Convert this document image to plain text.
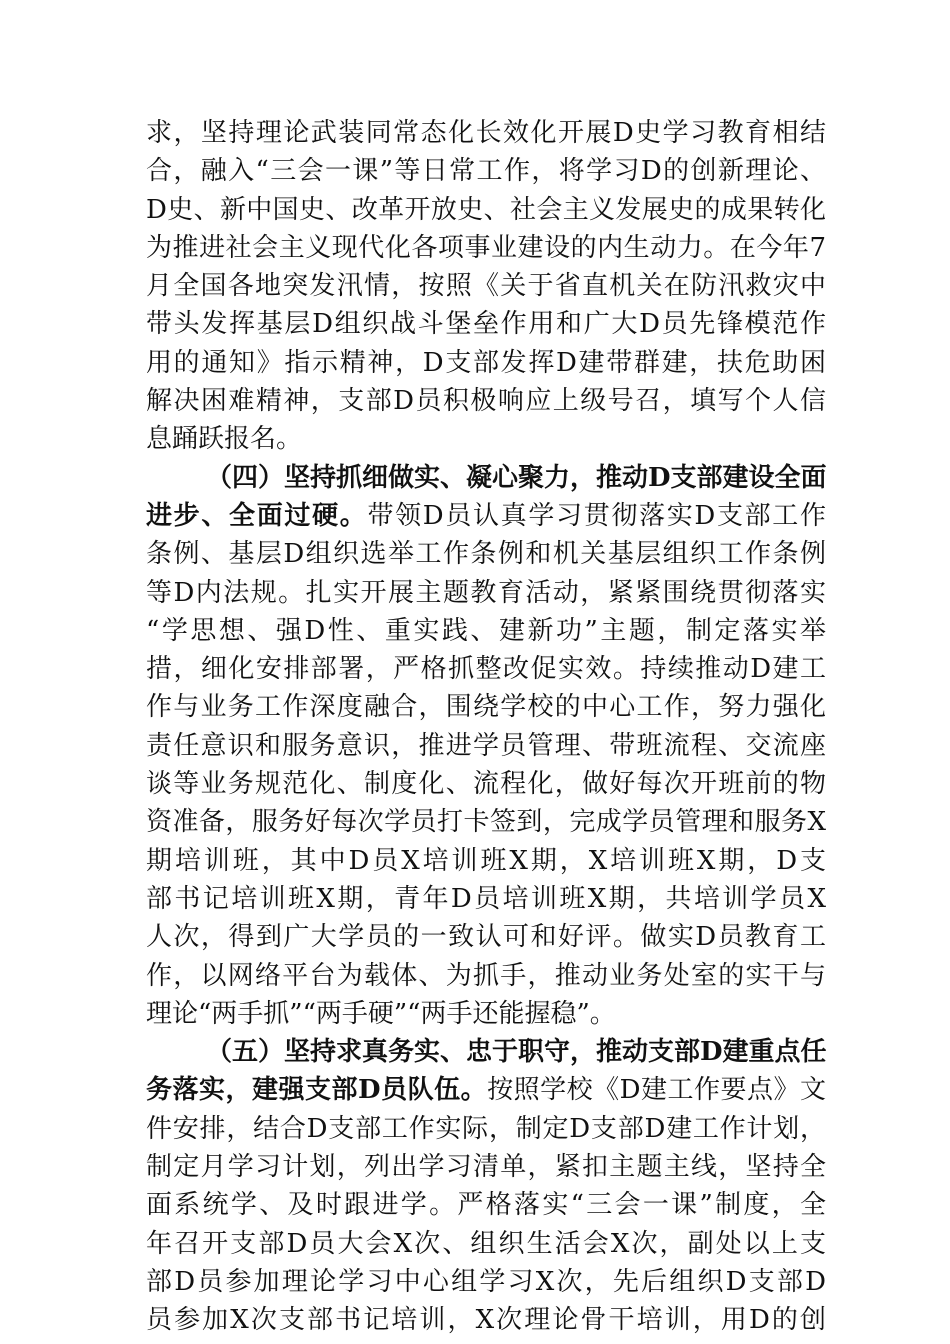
求，坚持理论武装同常态化长效化开展D史学习教育相结
合，融入“三会一课”等日常工作，将学习D的创新理论、
D史、新中国史、改革开放史、社会主义发展史的成果转化
为推进社会主义现代化各项事业建设的内生动力。在今年7
月全国各地突发汛情，按照《关于省直机关在防汛救灾中
带头发挥基层D组织战斗堡垒作用和广大D员先锋模范作
用的通知》指示精神，D支部发挥D建带群建，扶危助困
解决困难精神，支部D员积极响应上级号召，填写个人信
息踊跃报名。
（四）坚持抓细做实、凝心聚力，推动D支部建设全面
进步、全面过硬。带领D员认真学习贯彻落实D支部工作
条例、基层D组织选举工作条例和机关基层组织工作条例
等D内法规。扎实开展主题教育活动，紧紧围绕贯彻落实
“学思想、强D性、重实践、建新功”主题，制定落实举
措，细化安排部署，严格抓整改促实效。持续推动D建工
作与业务工作深度融合，围绕学校的中心工作，努力强化
责任意识和服务意识，推进学员管理、带班流程、交流座
谈等业务规范化、制度化、流程化，做好每次开班前的物
资准备，服务好每次学员打卡签到，完成学员管理和服务X
期培训班，其中D员X培训班X期，X培训班X期，D支
部书记培训班X期，青年D员培训班X期，共培训学员X
人次，得到广大学员的一致认可和好评。做实D员教育工
作，以网络平台为载体、为抓手，推动业务处室的实干与
理论“两手抓”“两手硬”“两手还能握稳”。
（五）坚持求真务实、忠于职守，推动支部D建重点任
务落实，建强支部D员队伍。按照学校《D建工作要点》文
件安排，结合D支部工作实际，制定D支部D建工作计划，
制定月学习计划，列出学习清单，紧扣主题主线，坚持全
面系统学、及时跟进学。严格落实“三会一课”制度，全
年召开支部D员大会X次、组织生活会X次，副处以上支
部D员参加理论学习中心组学习X次，先后组织D支部D
员参加X次支部书记培训，X次理论骨干培训，用D的创
